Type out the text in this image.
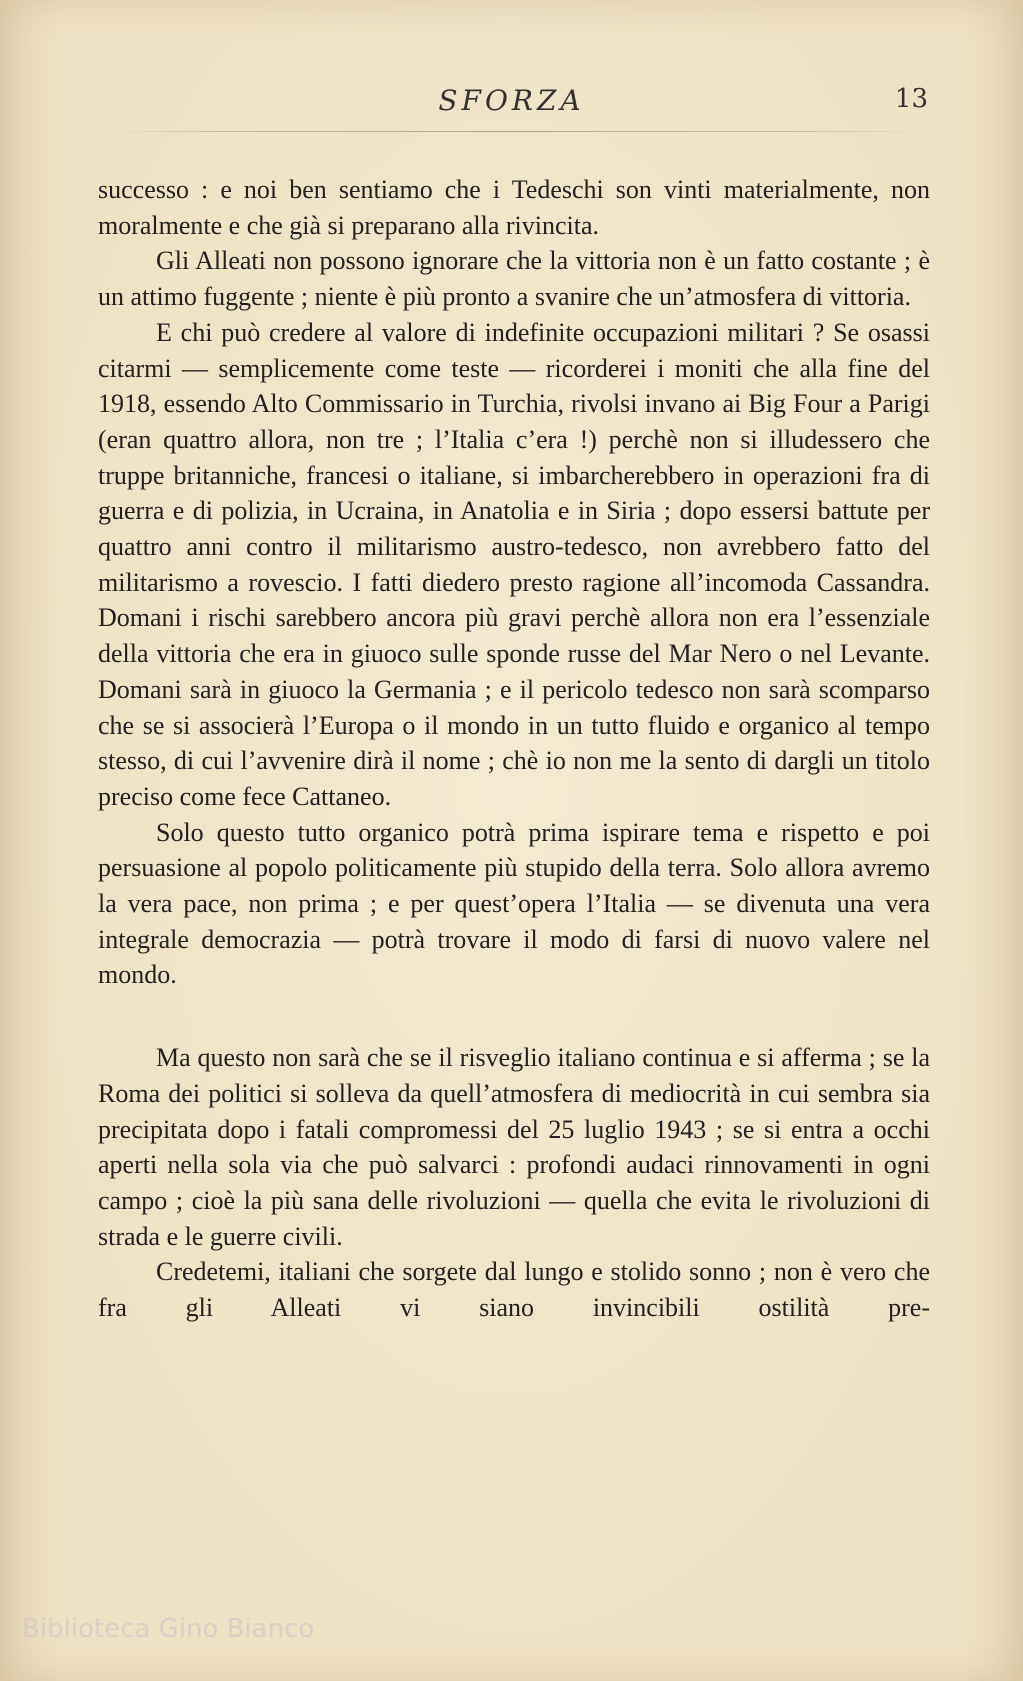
SFORZA	13

successo : e noi ben sentiamo che i Tedeschi son vinti materialmente, non moralmente e che già si preparano alla rivincita.

Gli Alleati non possono ignorare che la vittoria non è un fatto costante ; è un attimo fuggente ; niente è più pronto a svanire che un’atmosfera di vittoria.

E chi può credere al valore di indefinite occupazioni militari ? Se osassi citarmi — semplicemente come teste — ricorderei i moniti che alla fine del 1918, essendo Alto Commissario in Turchia, rivolsi invano ai Big Four a Parigi (eran quattro allora, non tre ; l’Italia c’era !) perchè non si illudessero che truppe britanniche, francesi o italiane, si imbarcherebbero in operazioni fra di guerra e di polizia, in Ucraina, in Anatolia e in Siria ; dopo essersi battute per quattro anni contro il militarismo austro-tedesco, non avrebbero fatto del militarismo a rovescio. I fatti diedero presto ragione all’incomoda Cassandra. Domani i rischi sarebbero ancora più gravi perchè allora non era l’essenziale della vittoria che era in giuoco sulle sponde russe del Mar Nero o nel Levante. Domani sarà in giuoco la Germania ; e il pericolo tedesco non sarà scomparso che se si associerà l’Europa o il mondo in un tutto fluido e organico al tempo stesso, di cui l’avvenire dirà il nome ; chè io non me la sento di dargli un titolo preciso come fece Cattaneo.

Solo questo tutto organico potrà prima ispirare tema e rispetto e poi persuasione al popolo politicamente più stupido della terra. Solo allora avremo la vera pace, non prima ; e per quest’opera l’Italia — se divenuta una vera integrale democrazia — potrà trovare il modo di farsi di nuovo valere nel mondo.

Ma questo non sarà che se il risveglio italiano continua e si afferma ; se la Roma dei politici si solleva da quell’atmosfera di mediocrità in cui sembra sia precipitata dopo i fatali compromessi del 25 luglio 1943 ; se si entra a occhi aperti nella sola via che può salvarci : profondi audaci rinnovamenti in ogni campo ; cioè la più sana delle rivoluzioni — quella che evita le rivoluzioni di strada e le guerre civili.

Credetemi, italiani che sorgete dal lungo e stolido sonno ; non è vero che fra gli Alleati vi siano invincibili ostilità pre-

Biblioteca Gino Bianco
